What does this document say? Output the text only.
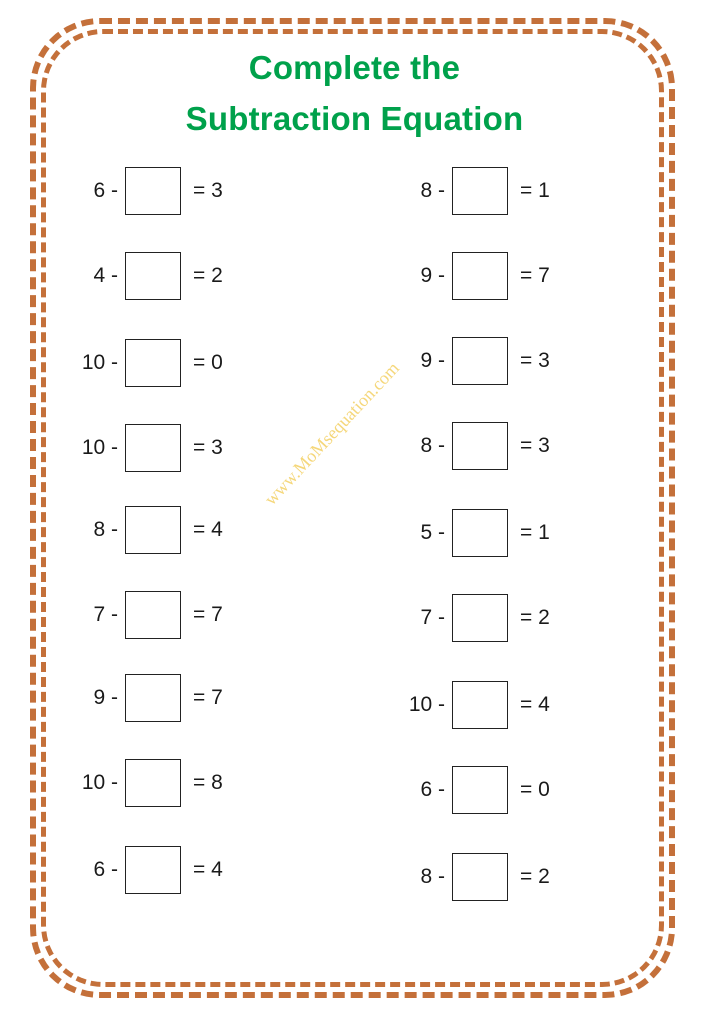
Complete the
Subtraction Equation
6 -	= 3
4 -	= 2
10 -	= 0
10 -	= 3
8 -	= 4
7 -	= 7
9 -	= 7
10 -	= 8
6 -	= 4
8 -	= 1
9 -	= 7
9 -	= 3
8 -	= 3
5 -	= 1
7 -	= 2
10 -	= 4
6 -	= 0
8 -	= 2
www.MoMsequation.com
